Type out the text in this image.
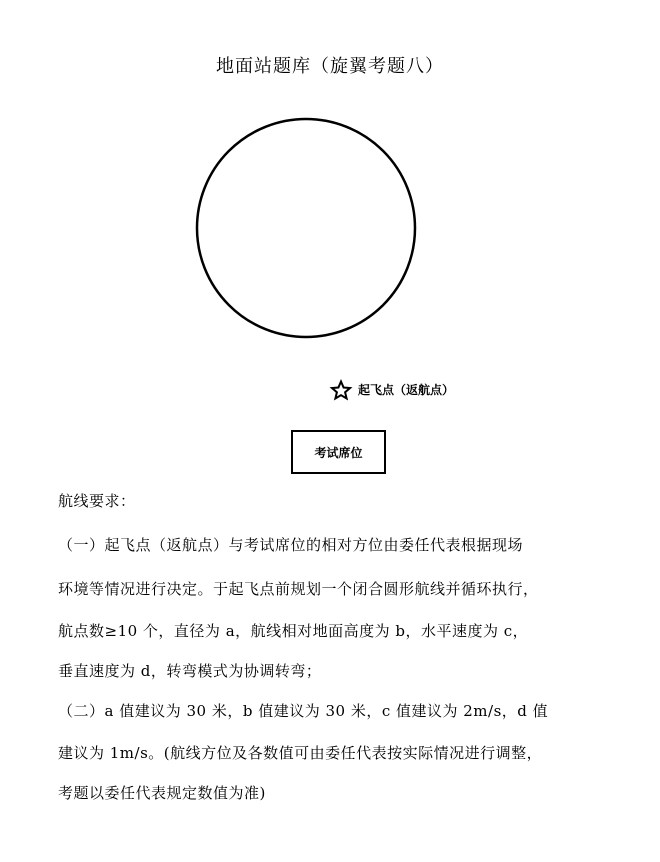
地面站题库（旋翼考题八）
起飞点（返航点）
考试席位
航线要求：
（一）起飞点（返航点）与考试席位的相对方位由委任代表根据现场
环境等情况进行决定。于起飞点前规划一个闭合圆形航线并循环执行，
航点数≥10 个，直径为 a，航线相对地面高度为 b，水平速度为 c，
垂直速度为 d，转弯模式为协调转弯；
（二）a 值建议为 30 米，b 值建议为 30 米，c 值建议为 2m/s，d 值
建议为 1m/s。(航线方位及各数值可由委任代表按实际情况进行调整，
考题以委任代表规定数值为准)
